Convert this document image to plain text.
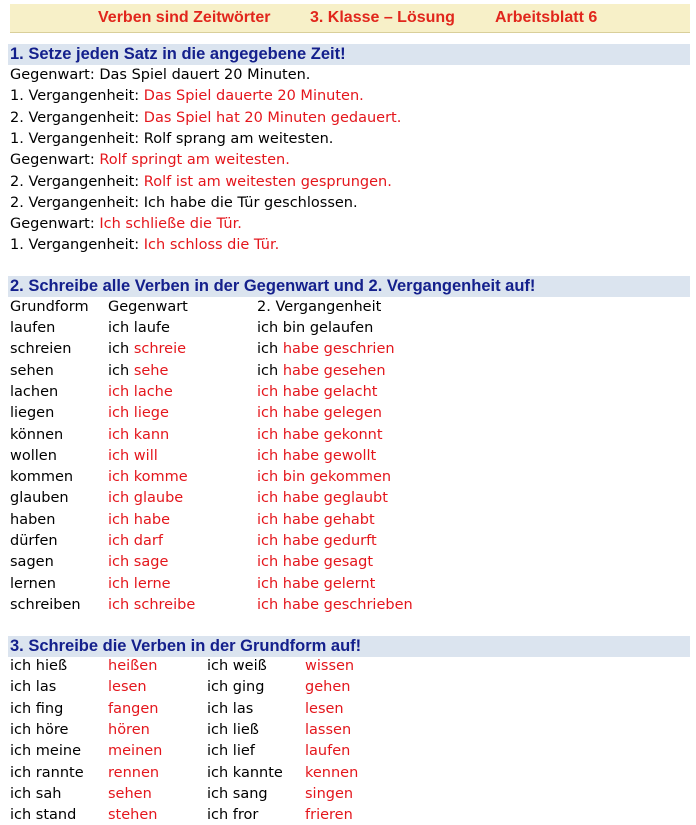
Verben sind Zeitwörter 3. Klasse – Lösung	Arbeitsblatt 6
1. Setze jeden Satz in die angegebene Zeit!
Gegenwart: Das Spiel dauert 20 Minuten.
1. Vergangenheit: Das Spiel dauerte 20 Minuten.
2. Vergangenheit: Das Spiel hat 20 Minuten gedauert.
1. Vergangenheit: Rolf sprang am weitesten.
Gegenwart: Rolf springt am weitesten.
2. Vergangenheit: Rolf ist am weitesten gesprungen.
2. Vergangenheit: Ich habe die Tür geschlossen.
Gegenwart: Ich schließe die Tür.
1. Vergangenheit: Ich schloss die Tür.
2. Schreibe alle Verben in der Gegenwart und 2. Vergangenheit auf!
Grundform Gegenwart	2. Vergangenheit
laufen	ich laufe	ich bin gelaufen
schreien	ich schreie	ich habe geschrien
sehen	ich sehe	ich habe gesehen
lachen	ich lache	ich habe gelacht
liegen	ich liege	ich habe gelegen
können	ich kann	ich habe gekonnt
wollen	ich will	ich habe gewollt
kommen ich komme	ich bin gekommen
glauben	ich glaube	ich habe geglaubt
haben	ich habe	ich habe gehabt
dürfen	ich darf	ich habe gedurft
sagen	ich sage	ich habe gesagt
lernen	ich lerne	ich habe gelernt
schreiben ich schreibe	ich habe geschrieben
3. Schreibe die Verben in der Grundform auf!
ich hieß	heißen	ich weiß	wissen
ich las	lesen	ich ging	gehen
ich fing	fangen	ich las	lesen
ich höre	hören	ich ließ	lassen
ich meine meinen	ich lief	laufen
ich rannte rennen	ich kannte kennen
ich sah	sehen	ich sang	singen
ich stand stehen	ich fror	frieren
